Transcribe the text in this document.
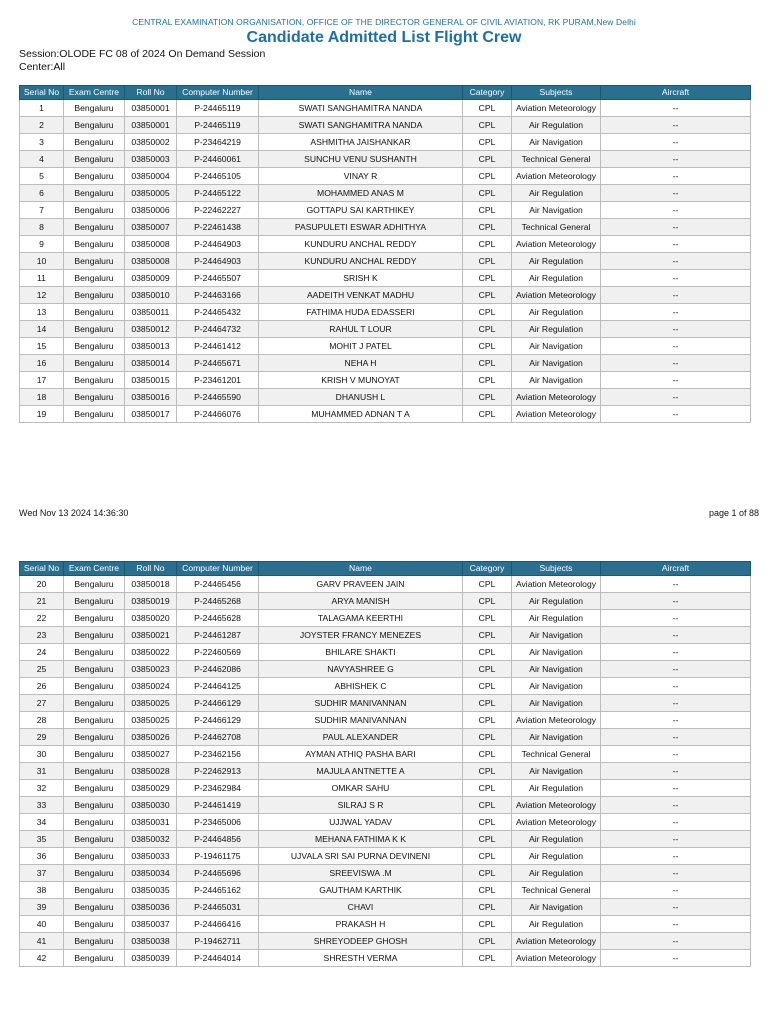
CENTRAL EXAMINATION ORGANISATION, OFFICE OF THE DIRECTOR GENERAL OF CIVIL AVIATION, RK PURAM,New Delhi
Candidate Admitted List Flight Crew
Session:OLODE FC 08 of 2024 On Demand Session
Center:All
Serial No	Exam Centre	Roll No	Computer Number	Name	Category	Subjects	Aircraft
1	Bengaluru	03850001	P-24465119	SWATI SANGHAMITRA NANDA	CPL	Aviation Meteorology	--
2	Bengaluru	03850001	P-24465119	SWATI SANGHAMITRA NANDA	CPL	Air Regulation	--
3	Bengaluru	03850002	P-23464219	ASHMITHA JAISHANKAR	CPL	Air Navigation	--
4	Bengaluru	03850003	P-24460061	SUNCHU VENU SUSHANTH	CPL	Technical General	--
5	Bengaluru	03850004	P-24465105	VINAY R	CPL	Aviation Meteorology	--
6	Bengaluru	03850005	P-24465122	MOHAMMED ANAS M	CPL	Air Regulation	--
7	Bengaluru	03850006	P-22462227	GOTTAPU SAI KARTHIKEY	CPL	Air Navigation	--
8	Bengaluru	03850007	P-22461438	PASUPULETI ESWAR ADHITHYA	CPL	Technical General	--
9	Bengaluru	03850008	P-24464903	KUNDURU ANCHAL REDDY	CPL	Aviation Meteorology	--
10	Bengaluru	03850008	P-24464903	KUNDURU ANCHAL REDDY	CPL	Air Regulation	--
11	Bengaluru	03850009	P-24465507	SRISH K	CPL	Air Regulation	--
12	Bengaluru	03850010	P-24463166	AADEITH VENKAT MADHU	CPL	Aviation Meteorology	--
13	Bengaluru	03850011	P-24465432	FATHIMA HUDA EDASSERI	CPL	Air Regulation	--
14	Bengaluru	03850012	P-24464732	RAHUL T LOUR	CPL	Air Regulation	--
15	Bengaluru	03850013	P-24461412	MOHIT J PATEL	CPL	Air Navigation	--
16	Bengaluru	03850014	P-24465671	NEHA H	CPL	Air Navigation	--
17	Bengaluru	03850015	P-23461201	KRISH V MUNOYAT	CPL	Air Navigation	--
18	Bengaluru	03850016	P-24465590	DHANUSH L	CPL	Aviation Meteorology	--
19	Bengaluru	03850017	P-24466076	MUHAMMED ADNAN T A	CPL	Aviation Meteorology	--
Wed Nov 13 2024 14:36:30	page 1 of 88
Serial No	Exam Centre	Roll No	Computer Number	Name	Category	Subjects	Aircraft
20	Bengaluru	03850018	P-24465456	GARV PRAVEEN JAIN	CPL	Aviation Meteorology	--
21	Bengaluru	03850019	P-24465268	ARYA MANISH	CPL	Air Regulation	--
22	Bengaluru	03850020	P-24465628	TALAGAMA KEERTHI	CPL	Air Regulation	--
23	Bengaluru	03850021	P-24461287	JOYSTER FRANCY MENEZES	CPL	Air Navigation	--
24	Bengaluru	03850022	P-22460569	BHILARE SHAKTI	CPL	Air Navigation	--
25	Bengaluru	03850023	P-24462086	NAVYASHREE G	CPL	Air Navigation	--
26	Bengaluru	03850024	P-24464125	ABHISHEK C	CPL	Air Navigation	--
27	Bengaluru	03850025	P-24466129	SUDHIR MANIVANNAN	CPL	Air Navigation	--
28	Bengaluru	03850025	P-24466129	SUDHIR MANIVANNAN	CPL	Aviation Meteorology	--
29	Bengaluru	03850026	P-24462708	PAUL ALEXANDER	CPL	Air Navigation	--
30	Bengaluru	03850027	P-23462156	AYMAN ATHIQ PASHA BARI	CPL	Technical General	--
31	Bengaluru	03850028	P-22462913	MAJULA ANTNETTE A	CPL	Air Navigation	--
32	Bengaluru	03850029	P-23462984	OMKAR SAHU	CPL	Air Regulation	--
33	Bengaluru	03850030	P-24461419	SILRAJ S R	CPL	Aviation Meteorology	--
34	Bengaluru	03850031	P-23465006	UJJWAL YADAV	CPL	Aviation Meteorology	--
35	Bengaluru	03850032	P-24464856	MEHANA FATHIMA K K	CPL	Air Regulation	--
36	Bengaluru	03850033	P-19461175	UJVALA SRI SAI PURNA DEVINENI	CPL	Air Regulation	--
37	Bengaluru	03850034	P-24465696	SREEVISWA .M	CPL	Air Regulation	--
38	Bengaluru	03850035	P-24465162	GAUTHAM KARTHIK	CPL	Technical General	--
39	Bengaluru	03850036	P-24465031	CHAVI	CPL	Air Navigation	--
40	Bengaluru	03850037	P-24466416	PRAKASH H	CPL	Air Regulation	--
41	Bengaluru	03850038	P-19462711	SHREYODEEP GHOSH	CPL	Aviation Meteorology	--
42	Bengaluru	03850039	P-24464014	SHRESTH VERMA	CPL	Aviation Meteorology	--
